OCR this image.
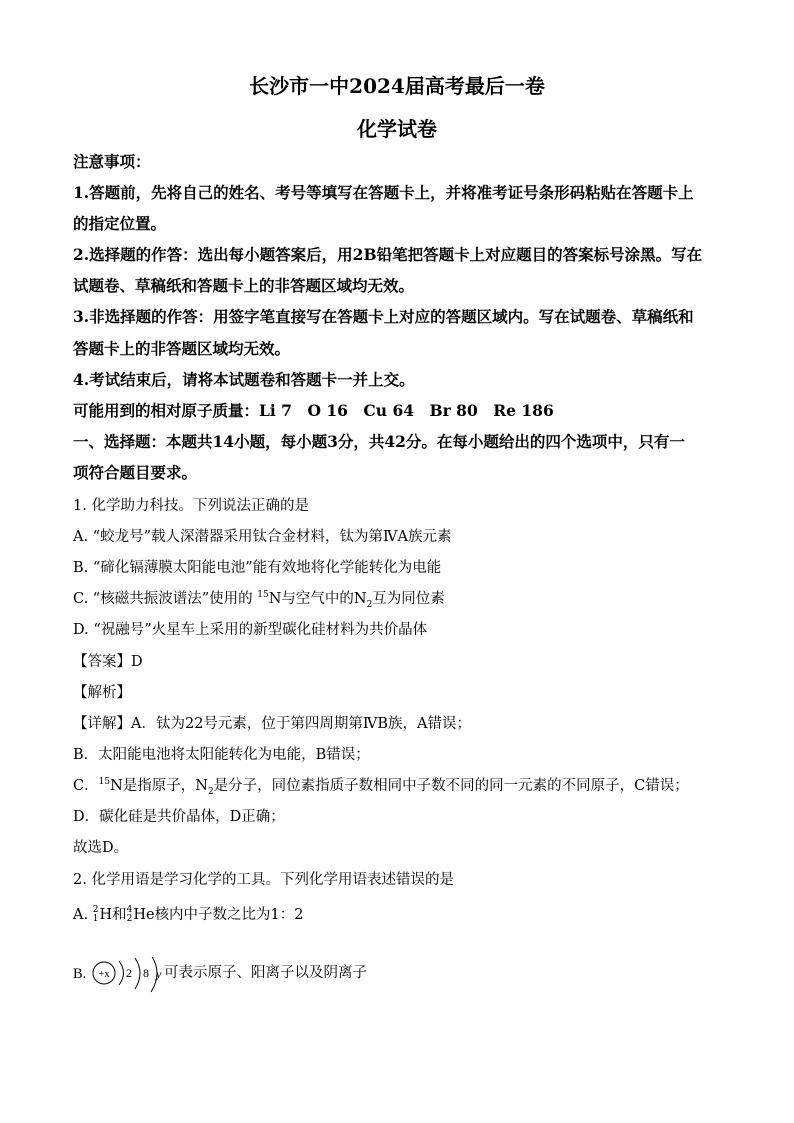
长沙市一中2024届高考最后一卷
化学试卷
注意事项：
1.答题前，先将自己的姓名、考号等填写在答题卡上，并将准考证号条形码粘贴在答题卡上
的指定位置。
2.选择题的作答：选出每小题答案后，用2B铅笔把答题卡上对应题目的答案标号涂黑。写在
试题卷、草稿纸和答题卡上的非答题区域均无效。
3.非选择题的作答：用签字笔直接写在答题卡上对应的答题区域内。写在试题卷、草稿纸和
答题卡上的非答题区域均无效。
4.考试结束后，请将本试题卷和答题卡一并上交。
可能用到的相对原子质量：Li 7　O 16　Cu 64　Br 80　Re 186
一、选择题：本题共14小题，每小题3分，共42分。在每小题给出的四个选项中，只有一
项符合题目要求。
1. 化学助力科技。下列说法正确的是
A. “蛟龙号”载人深潜器采用钛合金材料，钛为第ⅣA族元素
B. “碲化镉薄膜太阳能电池”能有效地将化学能转化为电能
C. “核磁共振波谱法”使用的 $^{15}$N与空气中的$N_2$互为同位素
D. “祝融号”火星车上采用的新型碳化硅材料为共价晶体
【答案】D
【解析】
【详解】A．钛为22号元素，位于第四周期第ⅣB族，A错误；
B．太阳能电池将太阳能转化为电能，B错误；
C．$^{15}$N是指原子，$N_2$是分子，同位素指质子数相同中子数不同的同一元素的不同原子，C错误；
D．碳化硅是共价晶体，D正确；
故选D。
2. 化学用语是学习化学的工具。下列化学用语表述错误的是
A. 2
1H和4
2He核内中子数之比为1：2
B. +x 2 8 y 可表示原子、阳离子以及阴离子
